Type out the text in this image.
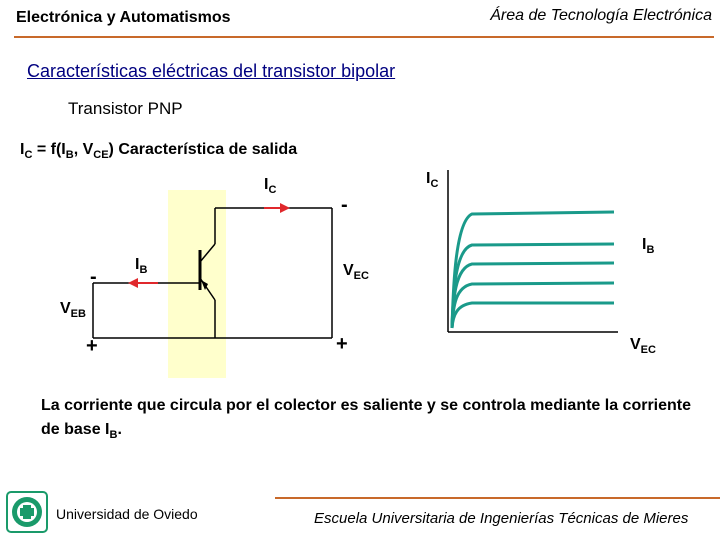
Electrónica y Automatismos	Área de Tecnología Electrónica
Características eléctricas del transistor bipolar
Transistor PNP
$I_C = f(I_B$, $V_{CE}$) Característica de salida
$I_C$
$I_B$	$V_{EC}$
$V_{EB}$
-
-
+	+
$I_C$
$I_B$
$V_{EC}$
La corriente que circula por el colector es saliente y se controla mediante la corriente de base $I_B$.
Universidad de Oviedo	Escuela Universitaria de Ingenierías Técnicas de Mieres
